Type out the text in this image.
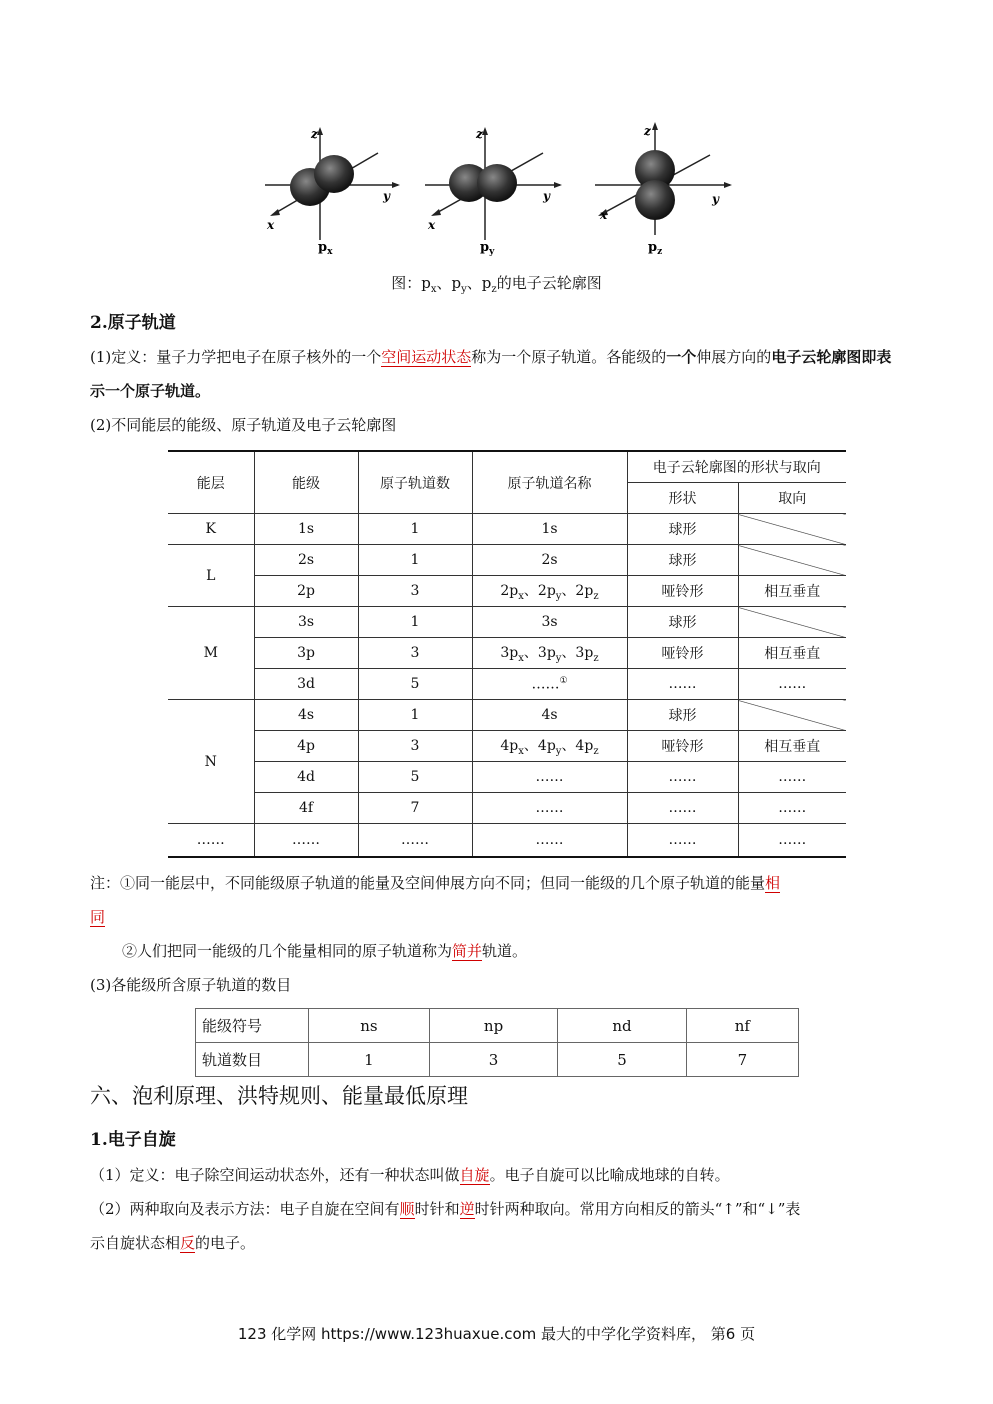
z
y
x
$p_x$
z
y
x
$p_y$
z
y
x
$p_z$
图：$p_x$、$p_y$、$p_z$的电子云轮廓图
2.原子轨道
(1)定义：量子力学把电子在原子核外的一个空间运动状态称为一个原子轨道。各能级的一个伸展方向的电子云轮廓图即表示一个原子轨道。
(2)不同能层的能级、原子轨道及电子云轮廓图
能层	能级	原子轨道数	原子轨道名称	电子云轮廓图的形状与取向	
				形状	取向
K	1s	1	1s	球形	
L	2s	1	2s	球形	
	2p	3	$2p_x$、$2p_y$、$2p_z$	哑铃形	相互垂直
M	3s	1	3s	球形	
	3p	3	$3p_x$、$3p_y$、$3p_z$	哑铃形	相互垂直
	3d	5	……①	……	……
N	4s	1	4s	球形	
	4p	3	$4p_x$、$4p_y$、$4p_z$	哑铃形	相互垂直
	4d	5	……	……	……
	4f	7	……	……	……
……	……	……	……	……	……
注：①同一能层中，不同能级原子轨道的能量及空间伸展方向不同；但同一能级的几个原子轨道的能量相
同
②人们把同一能级的几个能量相同的原子轨道称为简并轨道。
(3)各能级所含原子轨道的数目
能级符号	ns	np	nd	nf
轨道数目	1	3	5	7
六、泡利原理、洪特规则、能量最低原理
1.电子自旋
（1）定义：电子除空间运动状态外，还有一种状态叫做自旋。电子自旋可以比喻成地球的自转。
（2）两种取向及表示方法：电子自旋在空间有顺时针和逆时针两种取向。常用方向相反的箭头“↑”和“↓”表
示自旋状态相反的电子。
123 化学网 https://www.123huaxue.com 最大的中学化学资料库， 第6 页
